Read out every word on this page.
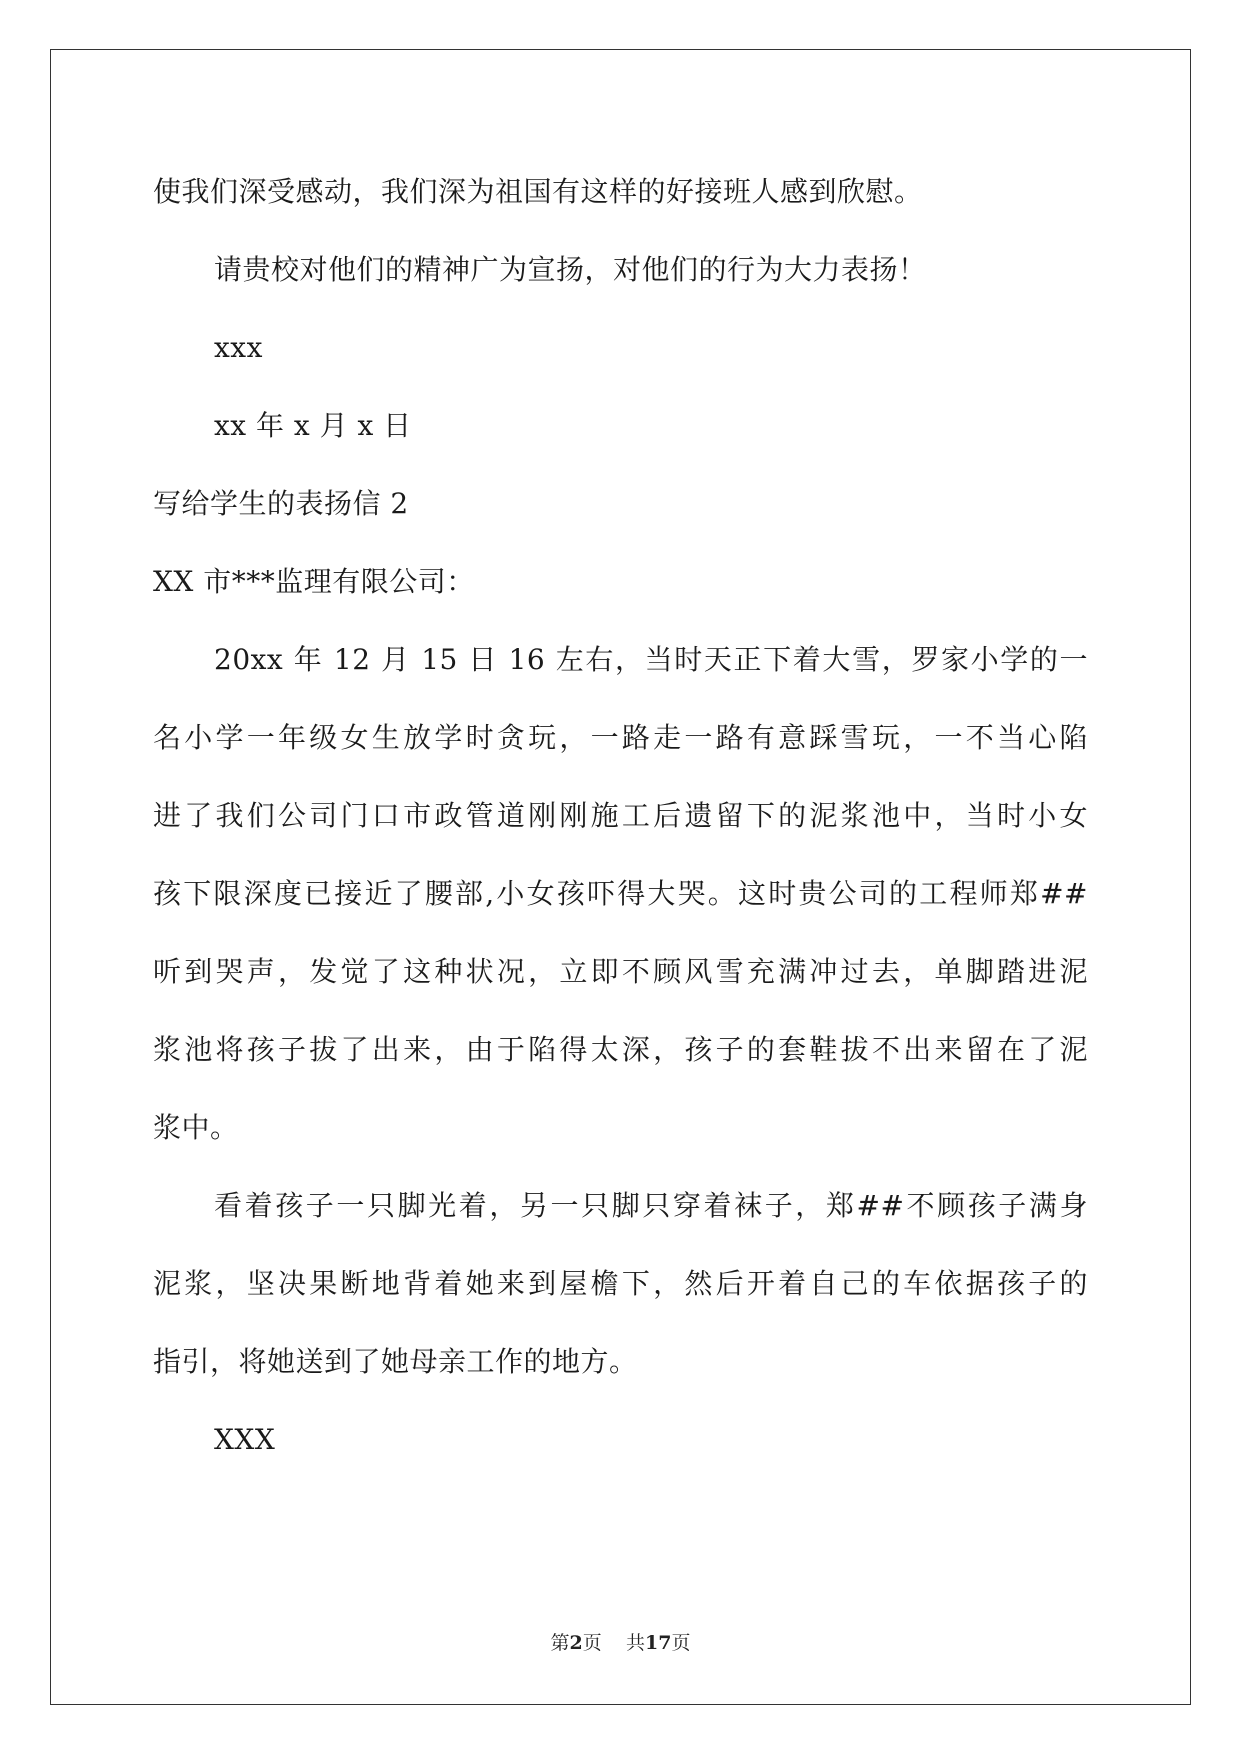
使我们深受感动，我们深为祖国有这样的好接班人感到欣慰。
请贵校对他们的精神广为宣扬，对他们的行为大力表扬！
xxx
xx 年 x 月 x 日
写给学生的表扬信 2
XX 市***监理有限公司：
20xx 年 12 月 15 日 16 左右，当时天正下着大雪，罗家小学的一
名小学一年级女生放学时贪玩，一路走一路有意踩雪玩，一不当心陷
进了我们公司门口市政管道刚刚施工后遗留下的泥浆池中，当时小女
孩下限深度已接近了腰部,小女孩吓得大哭。这时贵公司的工程师郑##
听到哭声，发觉了这种状况，立即不顾风雪充满冲过去，单脚踏进泥
浆池将孩子拔了出来，由于陷得太深，孩子的套鞋拔不出来留在了泥
浆中。
看着孩子一只脚光着，另一只脚只穿着袜子，郑##不顾孩子满身
泥浆，坚决果断地背着她来到屋檐下，然后开着自己的车依据孩子的
指引，将她送到了她母亲工作的地方。
XXX
第2页 共17页
